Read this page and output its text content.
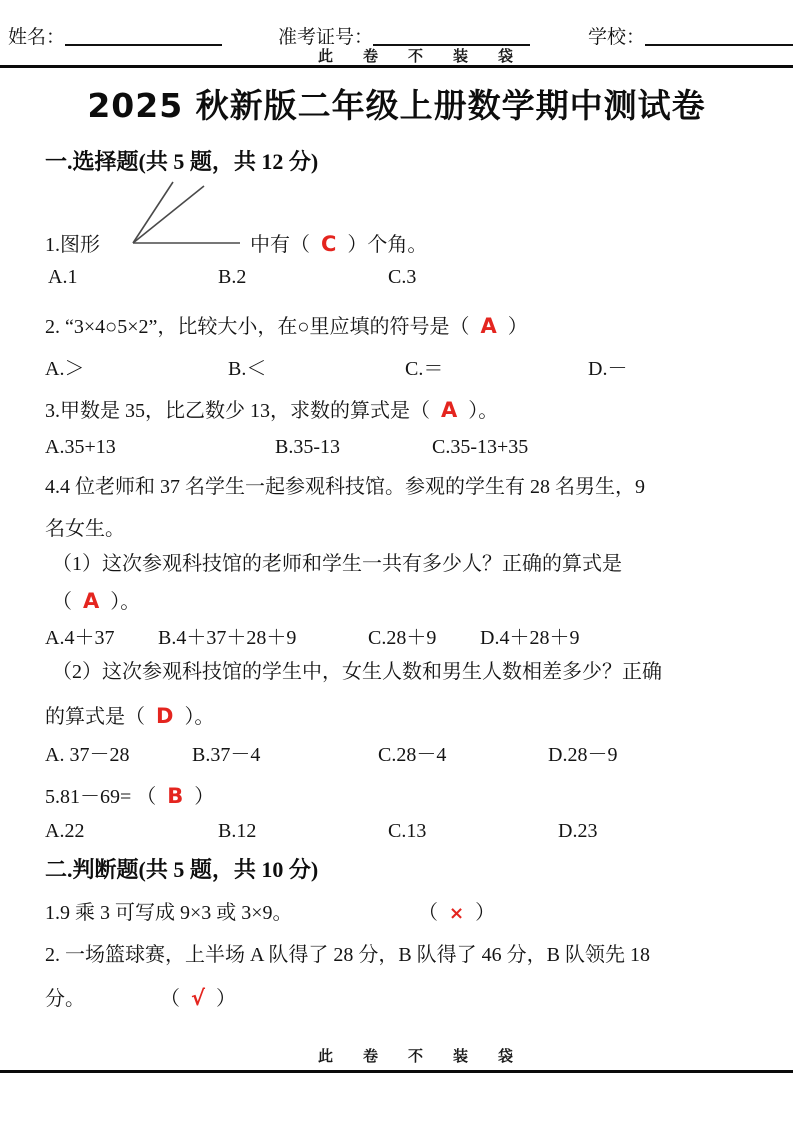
姓名：	准考证号：	学校：
此卷不装袋
2025 秋新版二年级上册数学期中测试卷
一.选择题(共 5 题，共 12 分)
1.图形	中有（ C ）个角。
A.1	B.2	C.3
2. “3×4○5×2”，比较大小，在○里应填的符号是（ A ）
A.＞	B.＜	C.＝	D.－
3.甲数是 35，比乙数少 13，求数的算式是（ A ）。
A.35+13	B.35-13	C.35-13+35
4.4 位老师和 37 名学生一起参观科技馆。参观的学生有 28 名男生，9
名女生。
（1）这次参观科技馆的老师和学生一共有多少人？正确的算式是
（ A ）。
A.4＋37 B.4＋37＋28＋9	C.28＋9 D.4＋28＋9
（2）这次参观科技馆的学生中，女生人数和男生人数相差多少？正确
的算式是（ D ）。
A. 37－28	B.37－4	C.28－4	D.28－9
5.81－69= （ B ）
A.22	B.12	C.13	D.23
二.判断题(共 5 题，共 10 分)
1.9 乘 3 可写成 9×3 或 3×9。	（ × ）
2. 一场篮球赛，上半场 A 队得了 28 分，B 队得了 46 分，B 队领先 18
分。	（ √ ）
此卷不装袋
